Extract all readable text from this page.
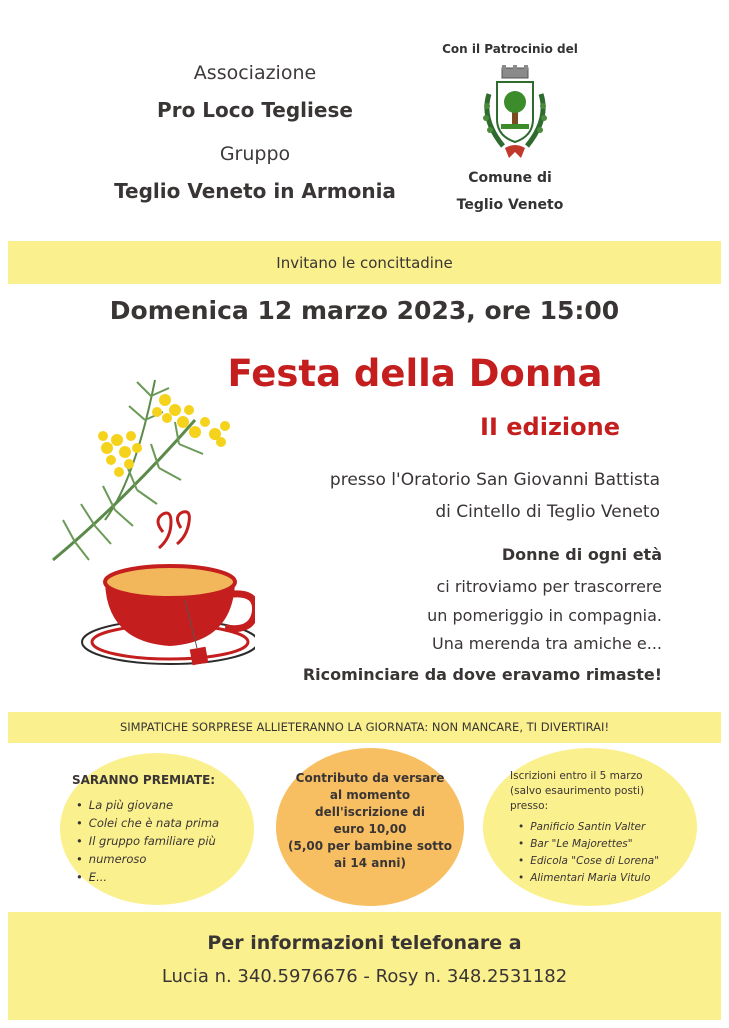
Associazione
Pro Loco Tegliese
Gruppo
Teglio Veneto in Armonia
Con il Patrocinio del
Comune di
Teglio Veneto
Invitano le concittadine
Domenica 12 marzo 2023, ore 15:00
Festa della Donna
II edizione
presso l'Oratorio San Giovanni Battista
di Cintello di Teglio Veneto
Donne di ogni età
ci ritroviamo per trascorrere
un pomeriggio in compagnia.
Una merenda tra amiche e...
Ricominciare da dove eravamo rimaste!
SIMPATICHE SORPRESE ALLIETERANNO LA GIORNATA: NON MANCARE, TI DIVERTIRAI!
SARANNO PREMIATE:
• La più giovane
• Colei che è nata prima
• Il gruppo familiare più
• numeroso
• E...
Contributo da versare
al momento
dell'iscrizione di
euro 10,00
(5,00 per bambine sotto
ai 14 anni)
Iscrizioni entro il 5 marzo
(salvo esaurimento posti)
presso:
• Panificio Santin Valter
• Bar "Le Majorettes"
• Edicola "Cose di Lorena"
• Alimentari Maria Vitulo
Per informazioni telefonare a
Lucia n. 340.5976676 - Rosy n. 348.2531182
